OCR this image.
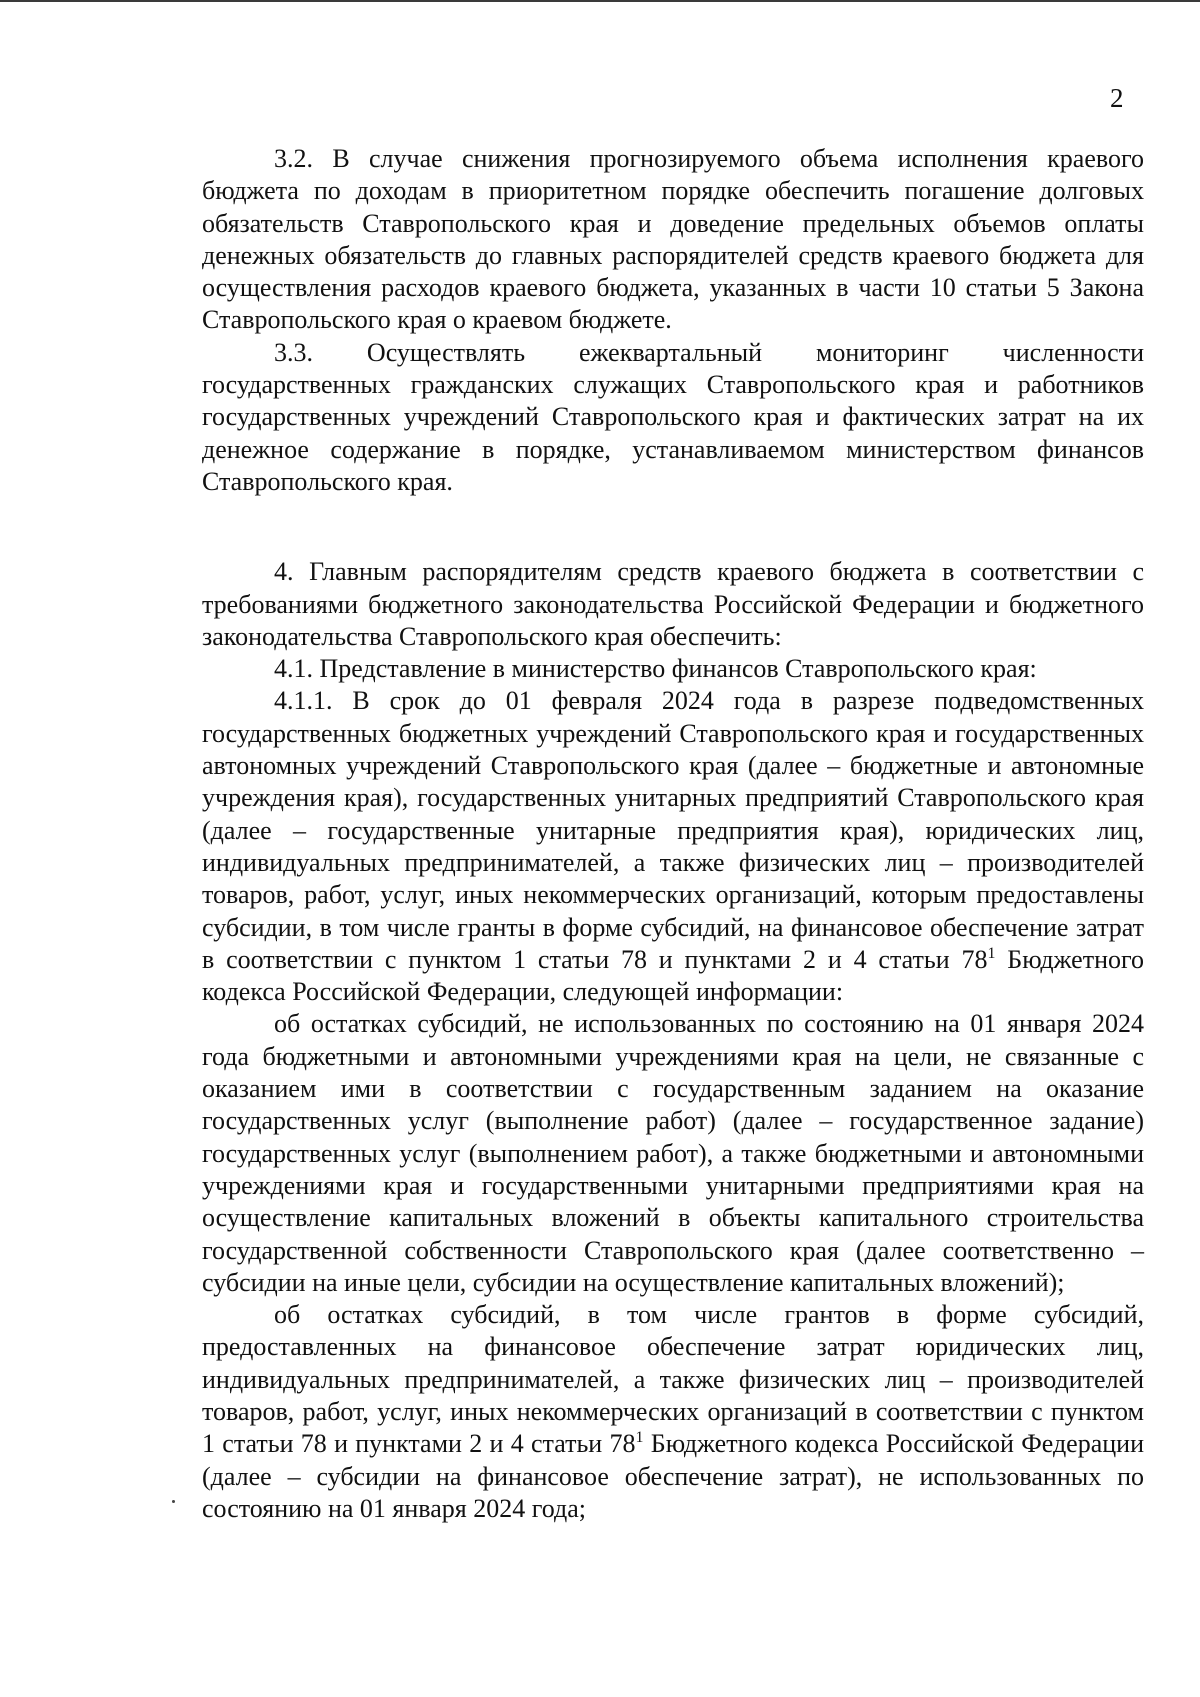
2

3.2. В случае снижения прогнозируемого объема исполнения краевого бюджета по доходам в приоритетном порядке обеспечить погашение долговых обязательств Ставропольского края и доведение предельных объемов оплаты денежных обязательств до главных распорядителей средств краевого бюджета для осуществления расходов краевого бюджета, указанных в части 10 статьи 5 Закона Ставропольского края о краевом бюджете.

3.3. Осуществлять ежеквартальный мониторинг численности государственных гражданских служащих Ставропольского края и работников государственных учреждений Ставропольского края и фактических затрат на их денежное содержание в порядке, устанавливаемом министерством финансов Ставропольского края.

4. Главным распорядителям средств краевого бюджета в соответствии с требованиями бюджетного законодательства Российской Федерации и бюджетного законодательства Ставропольского края обеспечить:

4.1. Представление в министерство финансов Ставропольского края:

4.1.1. В срок до 01 февраля 2024 года в разрезе подведомственных государственных бюджетных учреждений Ставропольского края и государственных автономных учреждений Ставропольского края (далее – бюджетные и автономные учреждения края), государственных унитарных предприятий Ставропольского края (далее – государственные унитарные предприятия края), юридических лиц, индивидуальных предпринимателей, а также физических лиц – производителей товаров, работ, услуг, иных некоммерческих организаций, которым предоставлены субсидии, в том числе гранты в форме субсидий, на финансовое обеспечение затрат в соответствии с пунктом 1 статьи 78 и пунктами 2 и 4 статьи $78^1$ Бюджетного кодекса Российской Федерации, следующей информации:

об остатках субсидий, не использованных по состоянию на 01 января 2024 года бюджетными и автономными учреждениями края на цели, не связанные с оказанием ими в соответствии с государственным заданием на оказание государственных услуг (выполнение работ) (далее – государственное задание) государственных услуг (выполнением работ), а также бюджетными и автономными учреждениями края и государственными унитарными предприятиями края на осуществление капитальных вложений в объекты капитального строительства государственной собственности Ставропольского края (далее соответственно – субсидии на иные цели, субсидии на осуществление капитальных вложений);

об остатках субсидий, в том числе грантов в форме субсидий, предоставленных на финансовое обеспечение затрат юридических лиц, индивидуальных предпринимателей, а также физических лиц – производителей товаров, работ, услуг, иных некоммерческих организаций в соответствии с пунктом 1 статьи 78 и пунктами 2 и 4 статьи $78^1$ Бюджетного кодекса Российской Федерации (далее – субсидии на финансовое обеспечение затрат), не использованных по состоянию на 01 января 2024 года;
